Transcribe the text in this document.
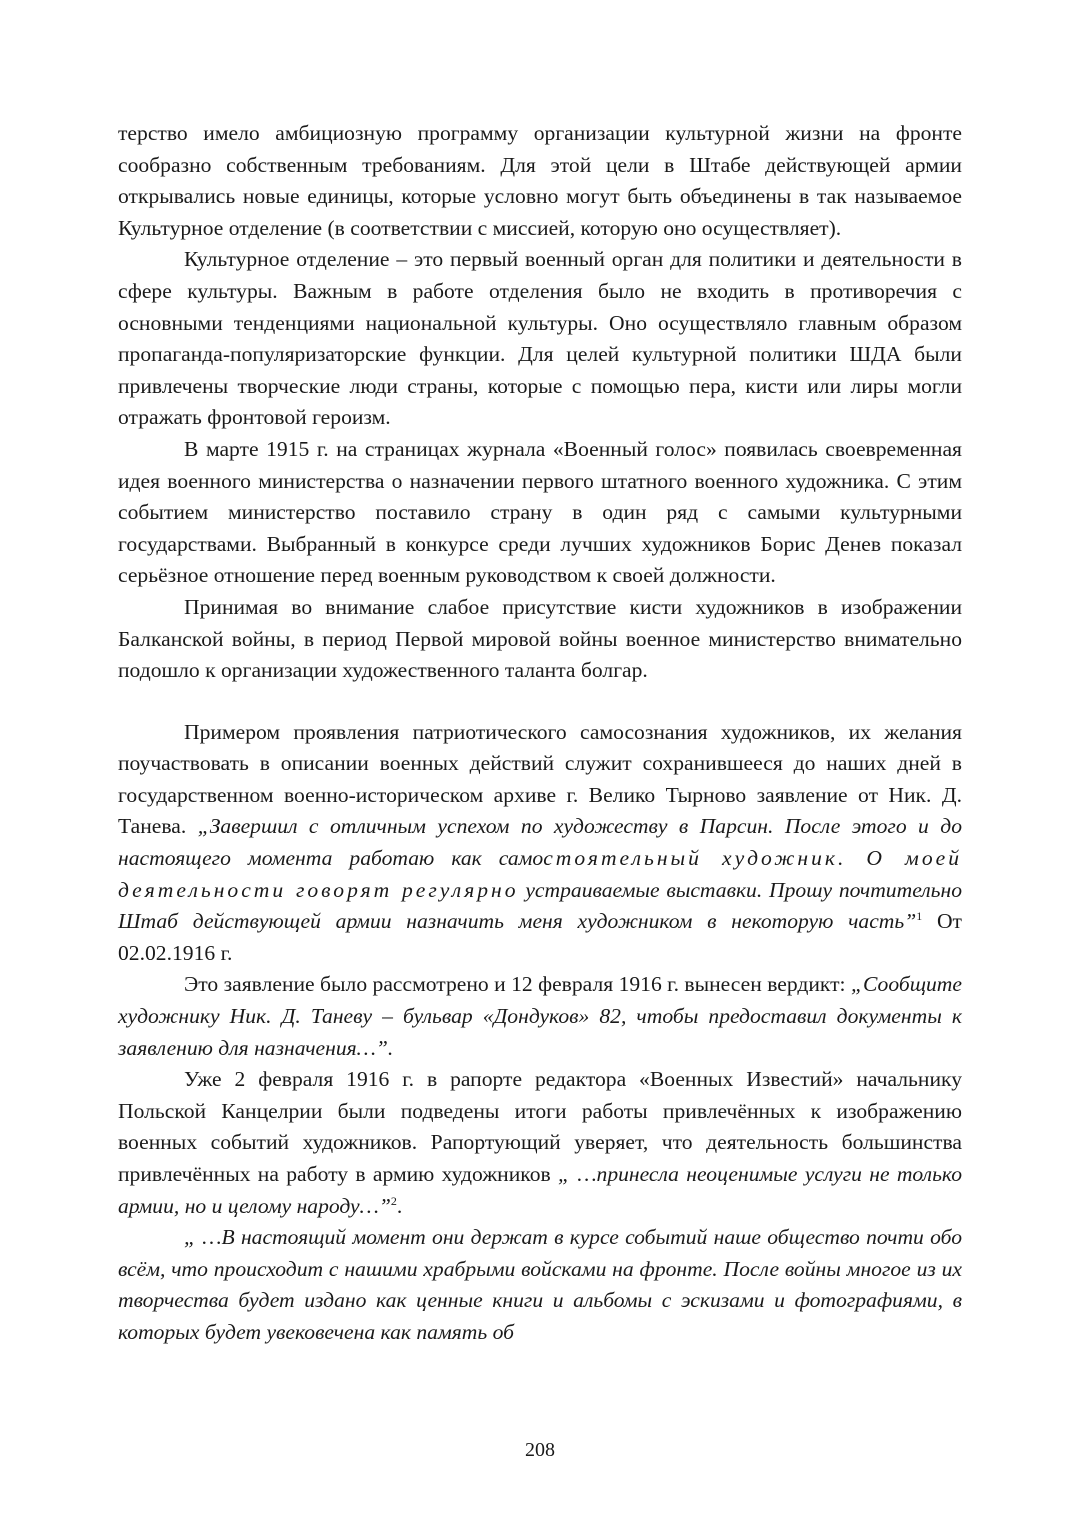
терство имело амбициозную программу организации культурной жизни на фронте сообразно собственным требованиям. Для этой цели в Штабе действующей армии открывались новые единицы, которые условно могут быть объединены в так называемое Культурное отделение (в соответствии с миссией, которую оно осуществляет).

Культурное отделение – это первый военный орган для политики и деятельности в сфере культуры. Важным в работе отделения было не входить в противоречия с основными тенденциями национальной культуры. Оно осуществляло главным образом пропаганда-популяризаторские функции. Для целей культурной политики ШДА были привлечены творческие люди страны, которые с помощью пера, кисти или лиры могли отражать фронтовой героизм.

В марте 1915 г. на страницах журнала «Военный голос» появилась своевременная идея военного министерства о назначении первого штатного военного художника. С этим событием министерство поставило страну в один ряд с самыми культурными государствами. Выбранный в конкурсе среди лучших художников Борис Денев показал серьёзное отношение перед военным руководством к своей должности.

Принимая во внимание слабое присутствие кисти художников в изображении Балканской войны, в период Первой мировой войны военное министерство внимательно подошло к организации художественного таланта болгар.

Примером проявления патриотического самосознания художников, их желания поучаствовать в описании военных действий служит сохранившееся до наших дней в государственном военно-историческом архиве г. Велико Тырново заявление от Ник. Д. Танева. „Завершил с отличным успехом по художеству в Парсин. После этого и до настоящего момента работаю как самостоятельный художник. О моей деятельности говорят регулярно устраиваемые выставки. Прошу почтительно Штаб действующей армии назначить меня художником в некоторую часть”$^1$ От 02.02.1916 г.

Это заявление было рассмотрено и 12 февраля 1916 г. вынесен вердикт: „Сообщите художнику Ник. Д. Таневу – бульвар «Дондуков» 82, чтобы предоставил документы к заявлению для назначения…”.

Уже 2 февраля 1916 г. в рапорте редактора «Военных Известий» начальнику Польской Канцелрии были подведены итоги работы привлечённых к изображению военных событий художников. Рапортующий уверяет, что деятельность большинства привлечённых на работу в армию художников „ …принесла неоценимые услуги не только армии, но и целому народу…”$^2$.

„ …В настоящий момент они держат в курсе событий наше общество почти обо всём, что происходит с нашими храбрыми войсками на фронте. После войны многое из их творчества будет издано как ценные книги и альбомы с эскизами и фотографиями, в которых будет увековечена как память об

208
